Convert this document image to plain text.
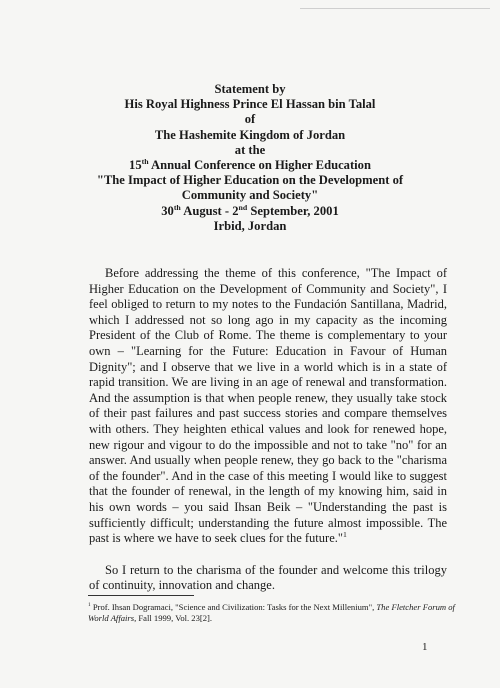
Statement by
His Royal Highness Prince El Hassan bin Talal
of
The Hashemite Kingdom of Jordan
at the
15th Annual Conference on Higher Education
"The Impact of Higher Education on the Development of
Community and Society"
30th August - 2nd September, 2001
Irbid, Jordan

Before addressing the theme of this conference, "The Impact of Higher Education on the Development of Community and Society", I feel obliged to return to my notes to the Fundación Santillana, Madrid, which I addressed not so long ago in my capacity as the incoming President of the Club of Rome. The theme is complementary to your own – "Learning for the Future: Education in Favour of Human Dignity"; and I observe that we live in a world which is in a state of rapid transition. We are living in an age of renewal and transformation. And the assumption is that when people renew, they usually take stock of their past failures and past success stories and compare themselves with others. They heighten ethical values and look for renewed hope, new rigour and vigour to do the impossible and not to take "no" for an answer. And usually when people renew, they go back to the "charisma of the founder". And in the case of this meeting I would like to suggest that the founder of renewal, in the length of my knowing him, said in his own words – you said Ihsan Beik – "Understanding the past is sufficiently difficult; understanding the future almost impossible. The past is where we have to seek clues for the future."$^1$

So I return to the charisma of the founder and welcome this trilogy of continuity, innovation and change.

$^1$ Prof. Ihsan Dogramaci, "Science and Civilization: Tasks for the Next Millenium", The Fletcher Forum of World Affairs, Fall 1999, Vol. 23[2].
1
